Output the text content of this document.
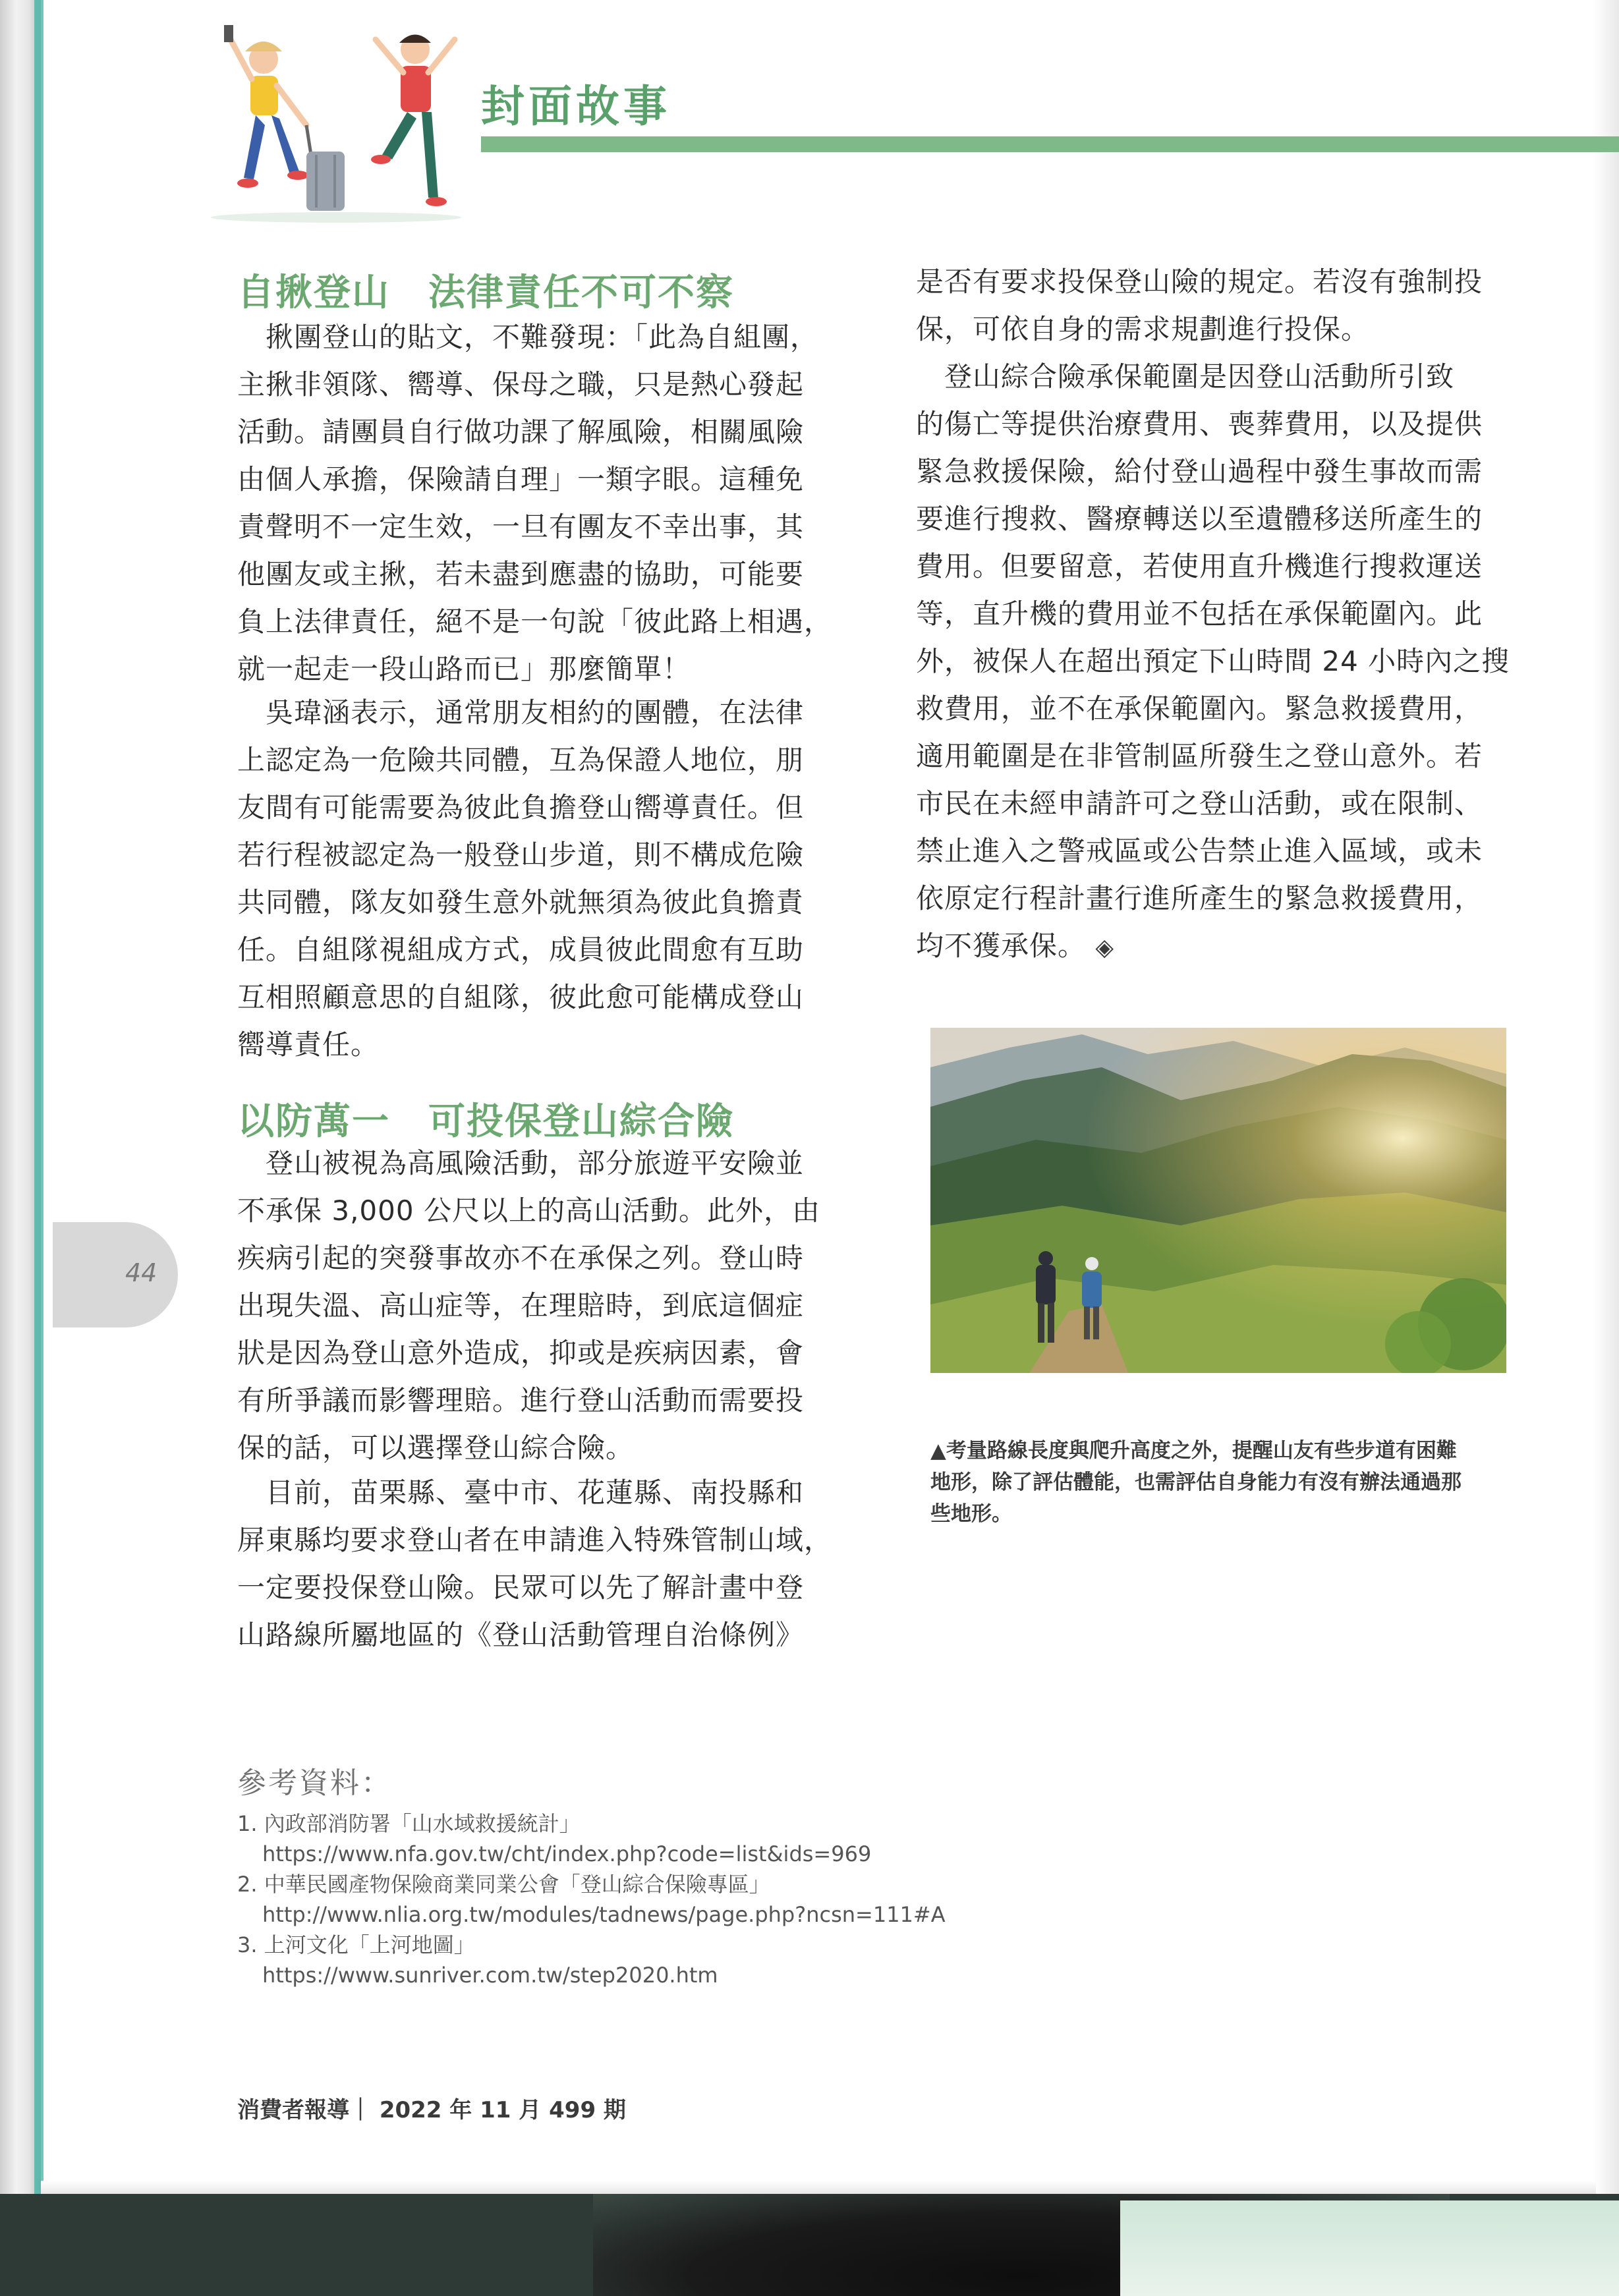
44
封面故事
自揪登山　法律責任不可不察

　揪團登山的貼文，不難發現：「此為自組團，

主揪非領隊、嚮導、保母之職，只是熱心發起

活動。請團員自行做功課了解風險，相關風險

由個人承擔，保險請自理」一類字眼。這種免

責聲明不一定生效，一旦有團友不幸出事，其

他團友或主揪，若未盡到應盡的協助，可能要

負上法律責任，絕不是一句說「彼此路上相遇，

就一起走一段山路而已」那麼簡單！

　吳瑋涵表示，通常朋友相約的團體，在法律

上認定為一危險共同體，互為保證人地位，朋

友間有可能需要為彼此負擔登山嚮導責任。但

若行程被認定為一般登山步道，則不構成危險

共同體，隊友如發生意外就無須為彼此負擔責

任。自組隊視組成方式，成員彼此間愈有互助

互相照顧意思的自組隊，彼此愈可能構成登山

嚮導責任。

以防萬一　可投保登山綜合險

　登山被視為高風險活動，部分旅遊平安險並

不承保 3,000 公尺以上的高山活動。此外，由

疾病引起的突發事故亦不在承保之列。登山時

出現失溫、高山症等，在理賠時，到底這個症

狀是因為登山意外造成，抑或是疾病因素，會

有所爭議而影響理賠。進行登山活動而需要投

保的話，可以選擇登山綜合險。

　目前，苗栗縣、臺中市、花蓮縣、南投縣和

屏東縣均要求登山者在申請進入特殊管制山域，

一定要投保登山險。民眾可以先了解計畫中登

山路線所屬地區的《登山活動管理自治條例》

是否有要求投保登山險的規定。若沒有強制投

保，可依自身的需求規劃進行投保。

　登山綜合險承保範圍是因登山活動所引致

的傷亡等提供治療費用、喪葬費用，以及提供

緊急救援保險，給付登山過程中發生事故而需

要進行搜救、醫療轉送以至遺體移送所產生的

費用。但要留意，若使用直升機進行搜救運送

等，直升機的費用並不包括在承保範圍內。此

外，被保人在超出預定下山時間 24 小時內之搜

救費用，並不在承保範圍內。緊急救援費用，

適用範圍是在非管制區所發生之登山意外。若

市民在未經申請許可之登山活動，或在限制、

禁止進入之警戒區或公告禁止進入區域，或未

依原定行程計畫行進所產生的緊急救援費用，

均不獲承保。 ◈

▲考量路線長度與爬升高度之外，提醒山友有些步道有困難

地形，除了評估體能，也需評估自身能力有沒有辦法通過那

些地形。

參考資料：
1. 內政部消防署「山水域救援統計」
https://www.nfa.gov.tw/cht/index.php?code=list&ids=969
2. 中華民國產物保險商業同業公會「登山綜合保險專區」
http://www.nlia.org.tw/modules/tadnews/page.php?ncsn=111#A
3. 上河文化「上河地圖」
https://www.sunriver.com.tw/step2020.htm
消費者報導｜ 2022 年 11 月 499 期
